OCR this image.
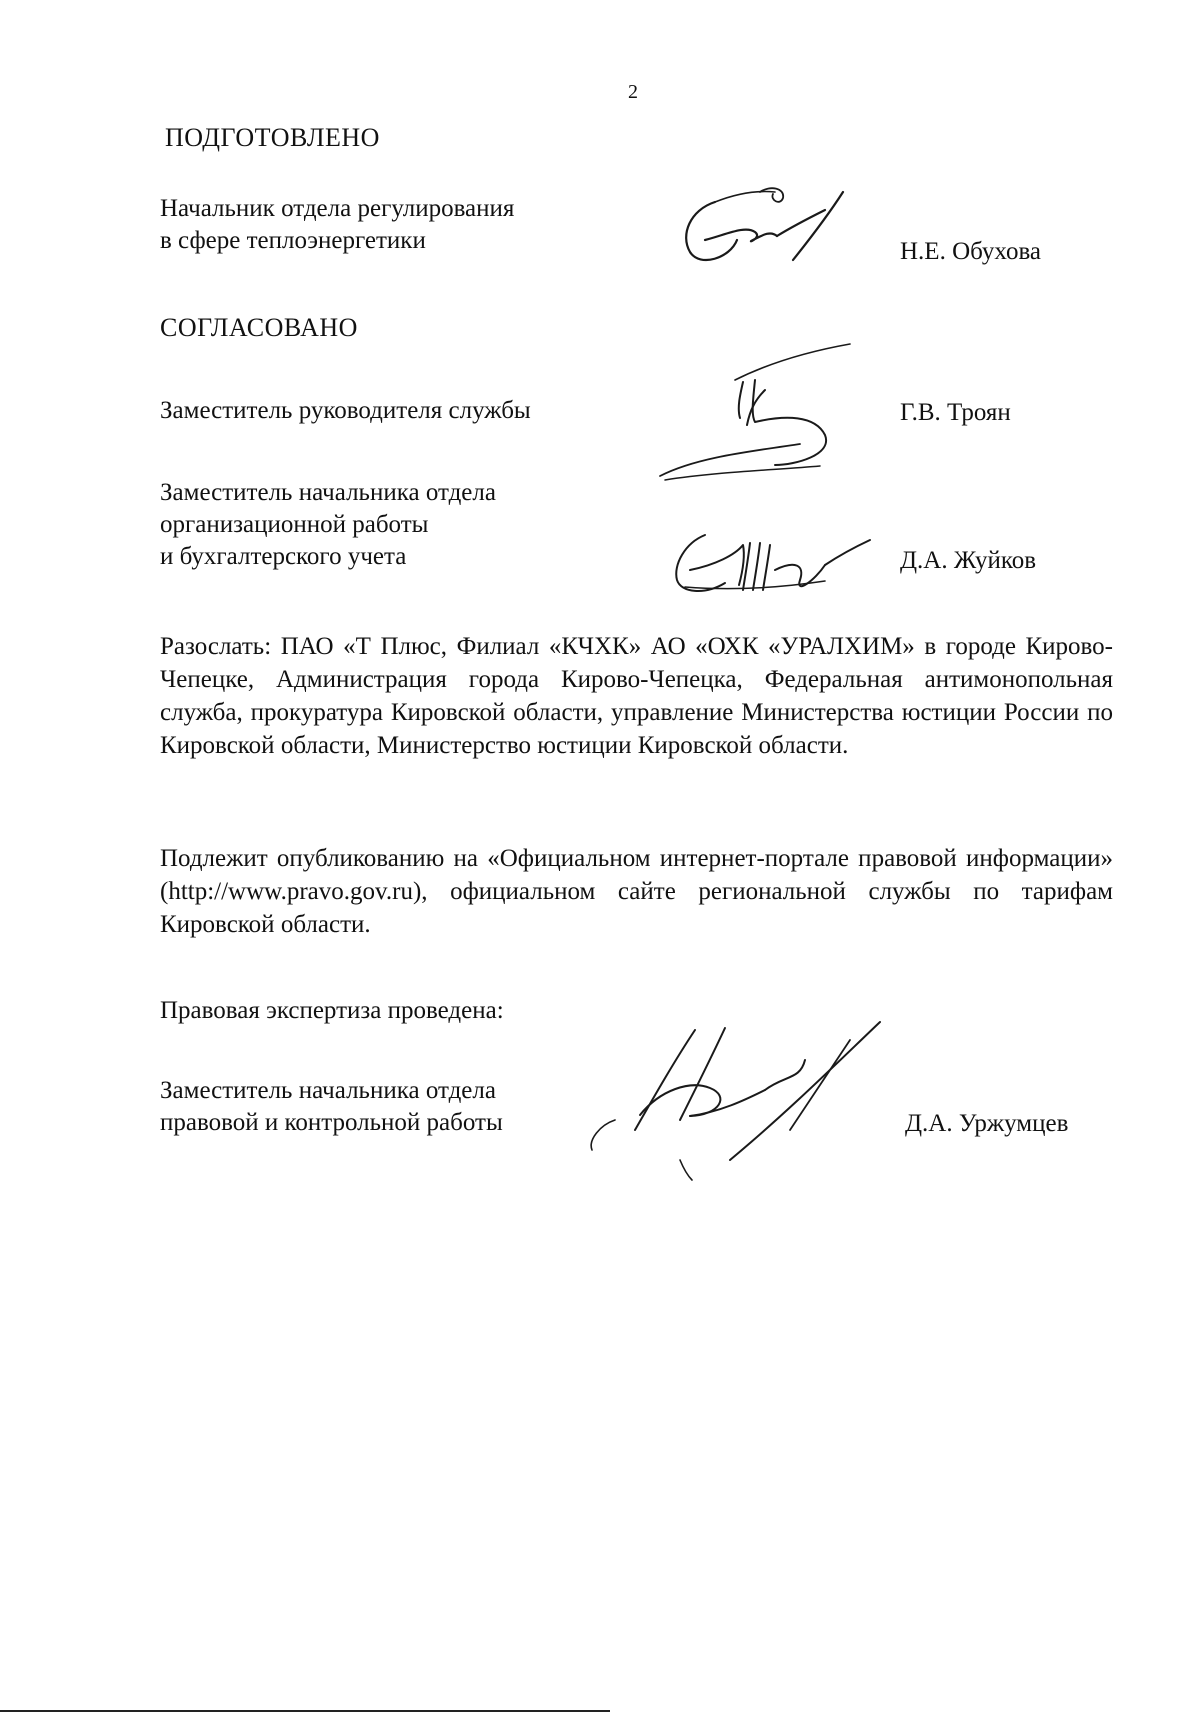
2
ПОДГОТОВЛЕНО
Начальник отдела регулирования
в сфере теплоэнергетики	Н.Е. Обухова
СОГЛАСОВАНО
Заместитель руководителя службы	Г.В. Троян
Заместитель начальника отдела
организационной работы
и бухгалтерского учета	Д.А. Жуйков
Разослать: ПАО «Т Плюс, Филиал «КЧХК» АО «ОХК «УРАЛХИМ» в городе Кирово-Чепецке, Администрация города Кирово-Чепецка, Федеральная антимонопольная служба, прокуратура Кировской области, управление Министерства юстиции России по Кировской области, Министерство юстиции Кировской области.
Подлежит опубликованию на «Официальном интернет-портале правовой информации» (http://www.pravo.gov.ru), официальном сайте региональной службы по тарифам Кировской области.
Правовая экспертиза проведена:
Заместитель начальника отдела
правовой и контрольной работы	Д.А. Уржумцев
